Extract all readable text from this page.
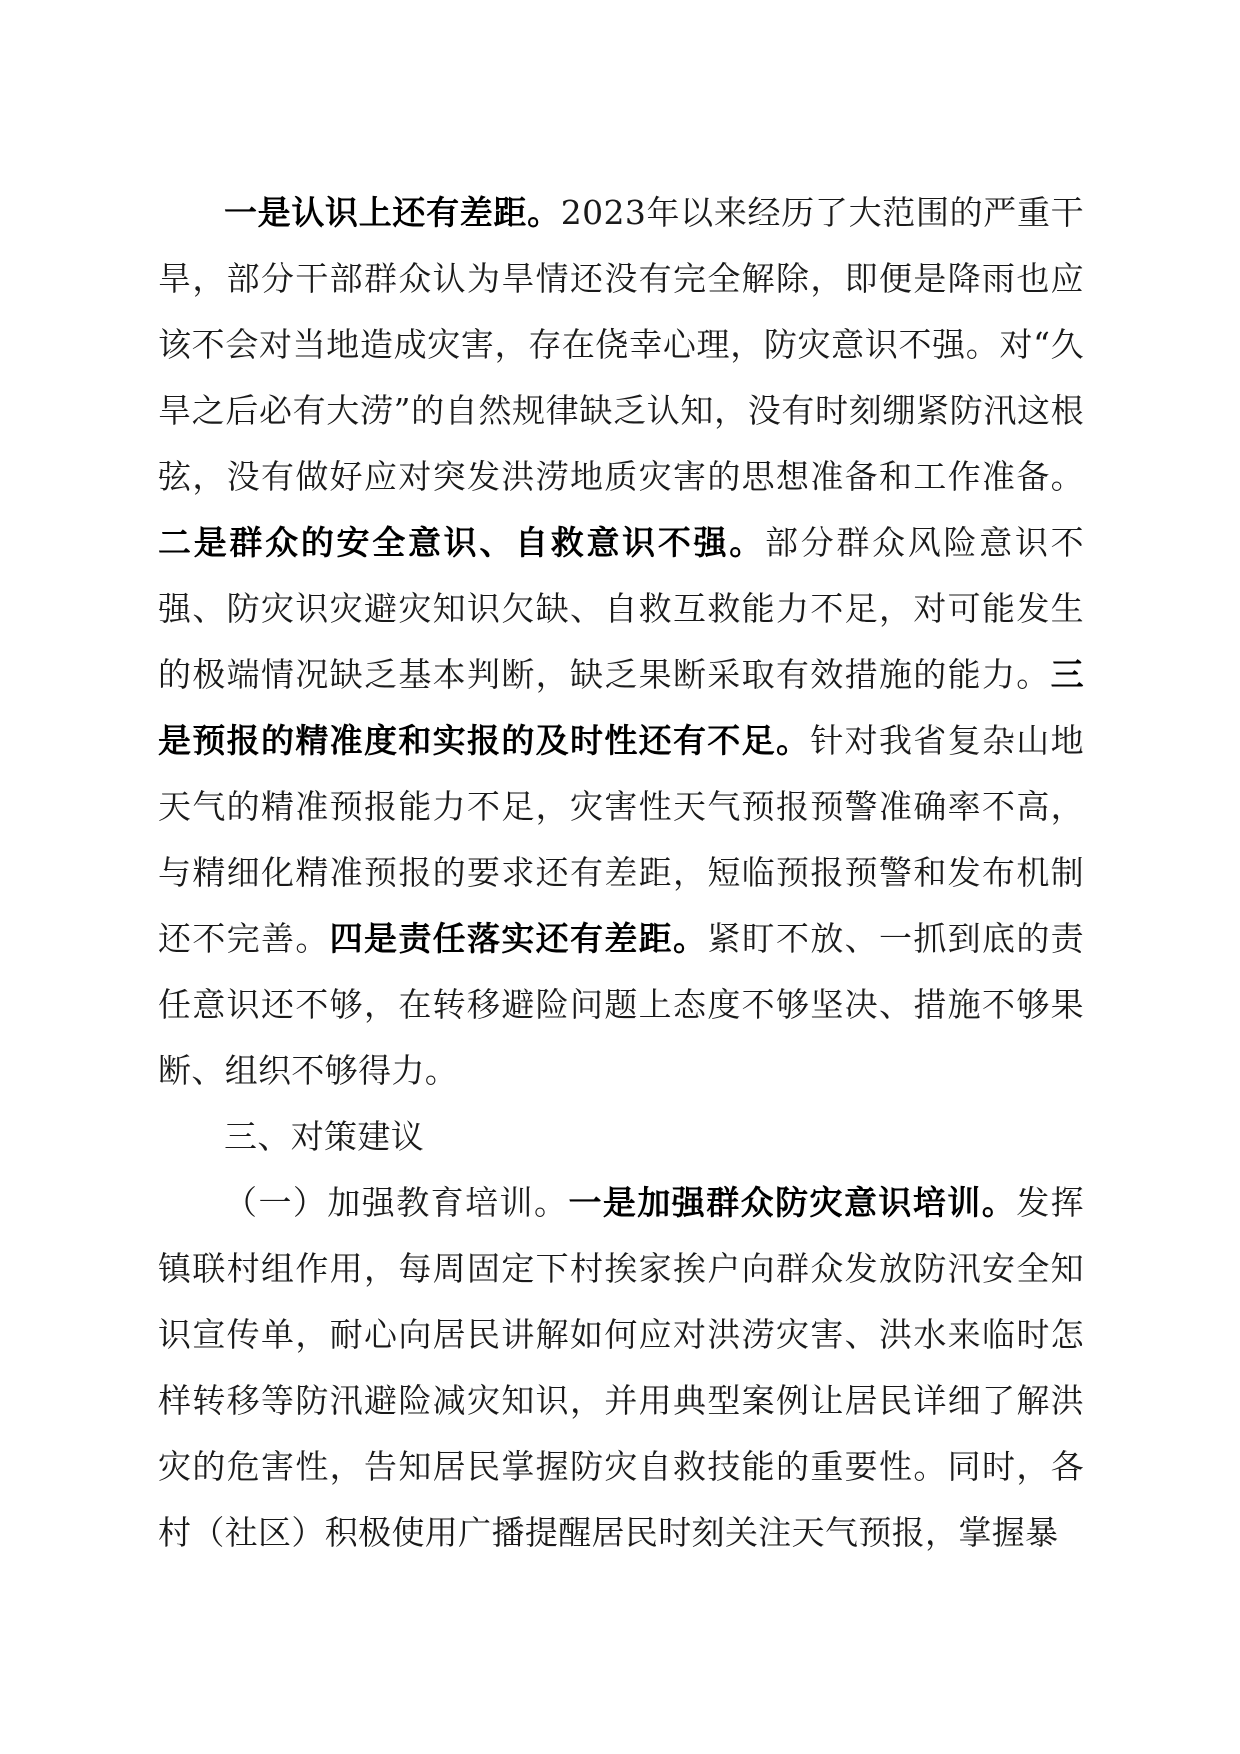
一是认识上还有差距。2023年以来经历了大范围的严重干旱，部分干部群众认为旱情还没有完全解除，即便是降雨也应该不会对当地造成灾害，存在侥幸心理，防灾意识不强。对“久旱之后必有大涝”的自然规律缺乏认知，没有时刻绷紧防汛这根弦，没有做好应对突发洪涝地质灾害的思想准备和工作准备。二是群众的安全意识、自救意识不强。部分群众风险意识不强、防灾识灾避灾知识欠缺、自救互救能力不足，对可能发生的极端情况缺乏基本判断，缺乏果断采取有效措施的能力。三是预报的精准度和实报的及时性还有不足。针对我省复杂山地天气的精准预报能力不足，灾害性天气预报预警准确率不高，与精细化精准预报的要求还有差距，短临预报预警和发布机制还不完善。四是责任落实还有差距。紧盯不放、一抓到底的责任意识还不够，在转移避险问题上态度不够坚决、措施不够果断、组织不够得力。

三、对策建议

（一）加强教育培训。一是加强群众防灾意识培训。发挥镇联村组作用，每周固定下村挨家挨户向群众发放防汛安全知识宣传单，耐心向居民讲解如何应对洪涝灾害、洪水来临时怎样转移等防汛避险减灾知识，并用典型案例让居民详细了解洪灾的危害性，告知居民掌握防灾自救技能的重要性。同时，各村（社区）积极使用广播提醒居民时刻关注天气预报，掌握暴
